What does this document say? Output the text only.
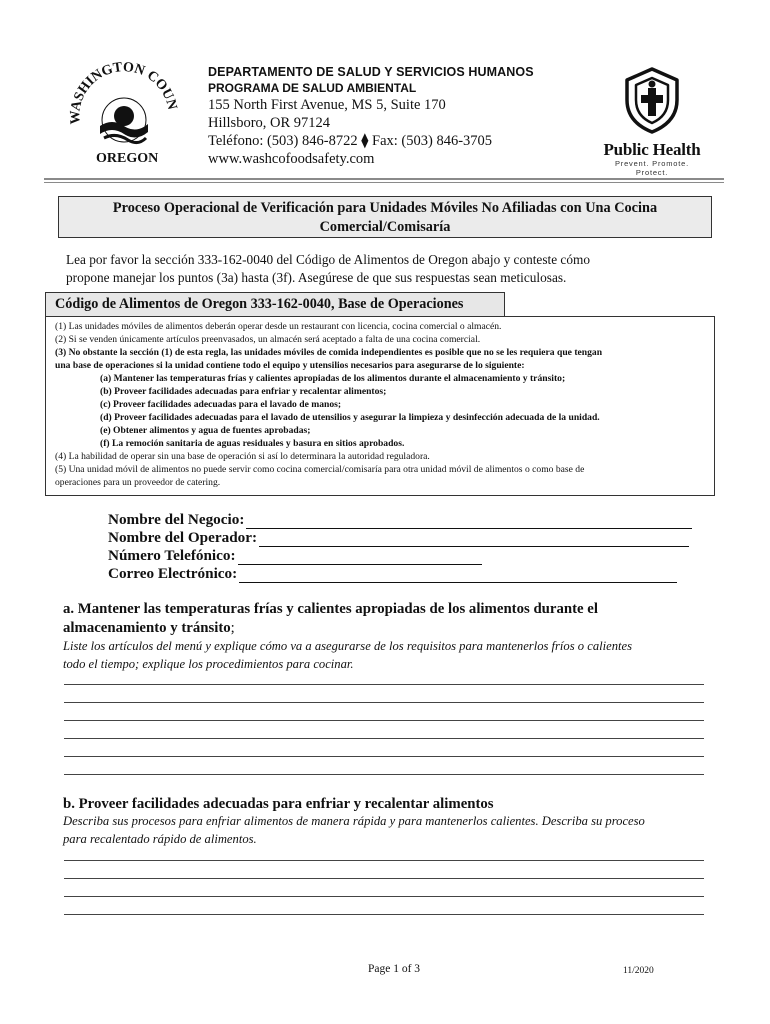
WASHINGTON COUN
OREGON
DEPARTAMENTO DE SALUD Y SERVICIOS HUMANOS
PROGRAMA DE SALUD AMBIENTAL
155 North First Avenue, MS 5, Suite 170
Hillsboro, OR 97124
Teléfono: (503) 846-8722 ⧫ Fax: (503) 846-3705
www.washcofoodsafety.com	Public Health
Prevent. Promote. Protect.
Proceso Operacional de Verificación para Unidades Móviles No Afiliadas con Una Cocina
Comercial/Comisaría
Lea por favor la sección 333-162-0040 del Código de Alimentos de Oregon abajo y conteste cómo
propone manejar los puntos (3a) hasta (3f). Asegúrese de que sus respuestas sean meticulosas.
Código de Alimentos de Oregon 333-162-0040, Base de Operaciones
(1) Las unidades móviles de alimentos deberán operar desde un restaurant con licencia, cocina comercial o almacén.
(2) Si se venden únicamente artículos preenvasados, un almacén será aceptado a falta de una cocina comercial.
(3) No obstante la sección (1) de esta regla, las unidades móviles de comida independientes es posible que no se les requiera que tengan
una base de operaciones si la unidad contiene todo el equipo y utensilios necesarios para asegurarse de lo siguiente:
(a) Mantener las temperaturas frías y calientes apropiadas de los alimentos durante el almacenamiento y tránsito;
(b) Proveer facilidades adecuadas para enfriar y recalentar alimentos;
(c) Proveer facilidades adecuadas para el lavado de manos;
(d) Proveer facilidades adecuadas para el lavado de utensilios y asegurar la limpieza y desinfección adecuada de la unidad.
(e) Obtener alimentos y agua de fuentes aprobadas;
(f) La remoción sanitaria de aguas residuales y basura en sitios aprobados.
(4) La habilidad de operar sin una base de operación si así lo determinara la autoridad reguladora.
(5) Una unidad móvil de alimentos no puede servir como cocina comercial/comisaría para otra unidad móvil de alimentos o como base de
operaciones para un proveedor de catering.
Nombre del Negocio:
Nombre del Operador:
Número Telefónico:
Correo Electrónico:
a. Mantener las temperaturas frías y calientes apropiadas de los alimentos durante el
almacenamiento y tránsito;
Liste los artículos del menú y explique cómo va a asegurarse de los requisitos para mantenerlos fríos o calientes
todo el tiempo; explique los procedimientos para cocinar.
b. Proveer facilidades adecuadas para enfriar y recalentar alimentos
Describa sus procesos para enfriar alimentos de manera rápida y para mantenerlos calientes. Describa su proceso
para recalentado rápido de alimentos.
Page 1 of 3	11/2020
